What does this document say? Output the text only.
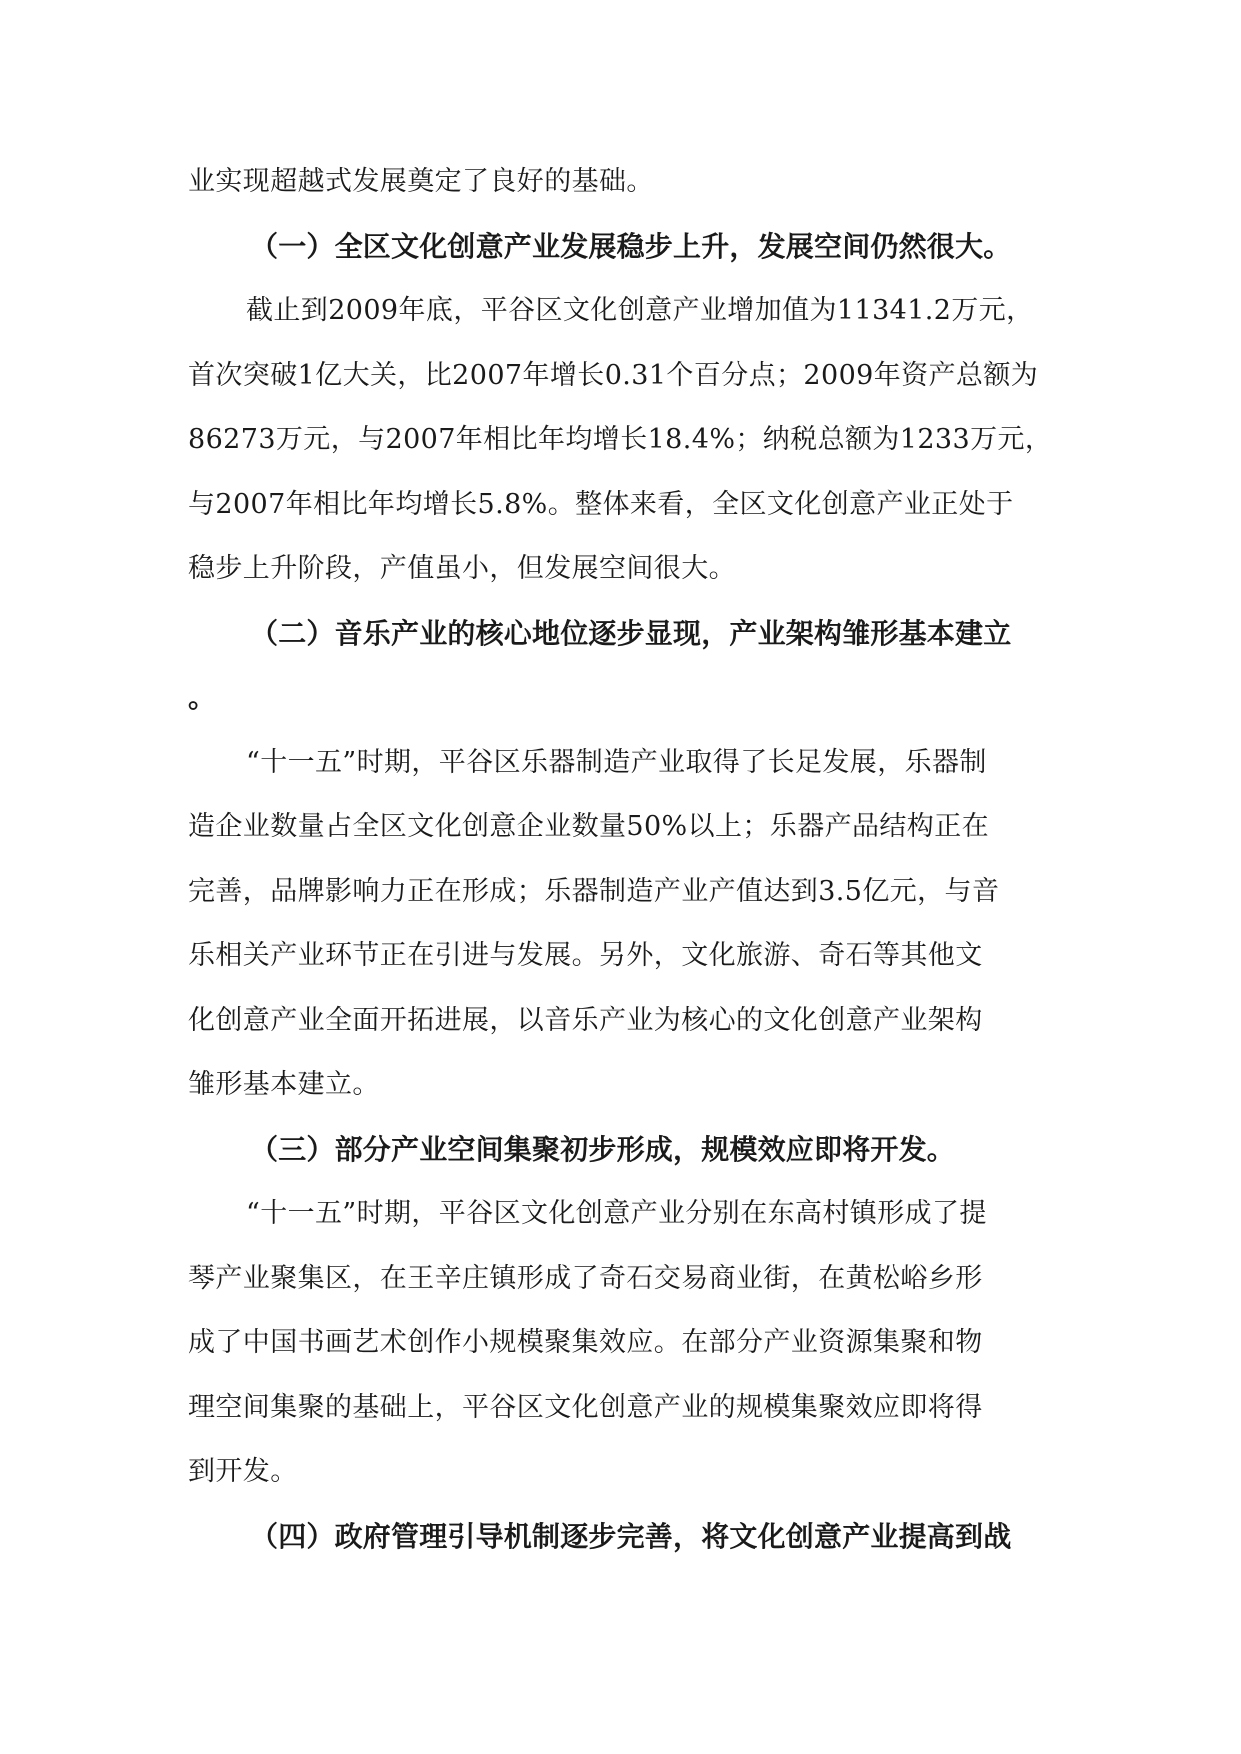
业实现超越式发展奠定了良好的基础。
（一）全区文化创意产业发展稳步上升，发展空间仍然很大。
截止到2009年底，平谷区文化创意产业增加值为11341.2万元，
首次突破1亿大关，比2007年增长0.31个百分点；2009年资产总额为
86273万元，与2007年相比年均增长18.4%；纳税总额为1233万元，
与2007年相比年均增长5.8%。整体来看，全区文化创意产业正处于
稳步上升阶段，产值虽小，但发展空间很大。
（二）音乐产业的核心地位逐步显现，产业架构雏形基本建立
。
“十一五”时期，平谷区乐器制造产业取得了长足发展，乐器制
造企业数量占全区文化创意企业数量50%以上；乐器产品结构正在
完善，品牌影响力正在形成；乐器制造产业产值达到3.5亿元，与音
乐相关产业环节正在引进与发展。另外，文化旅游、奇石等其他文
化创意产业全面开拓进展，以音乐产业为核心的文化创意产业架构
雏形基本建立。
（三）部分产业空间集聚初步形成，规模效应即将开发。
“十一五”时期，平谷区文化创意产业分别在东高村镇形成了提
琴产业聚集区，在王辛庄镇形成了奇石交易商业街，在黄松峪乡形
成了中国书画艺术创作小规模聚集效应。在部分产业资源集聚和物
理空间集聚的基础上，平谷区文化创意产业的规模集聚效应即将得
到开发。
（四）政府管理引导机制逐步完善，将文化创意产业提高到战
